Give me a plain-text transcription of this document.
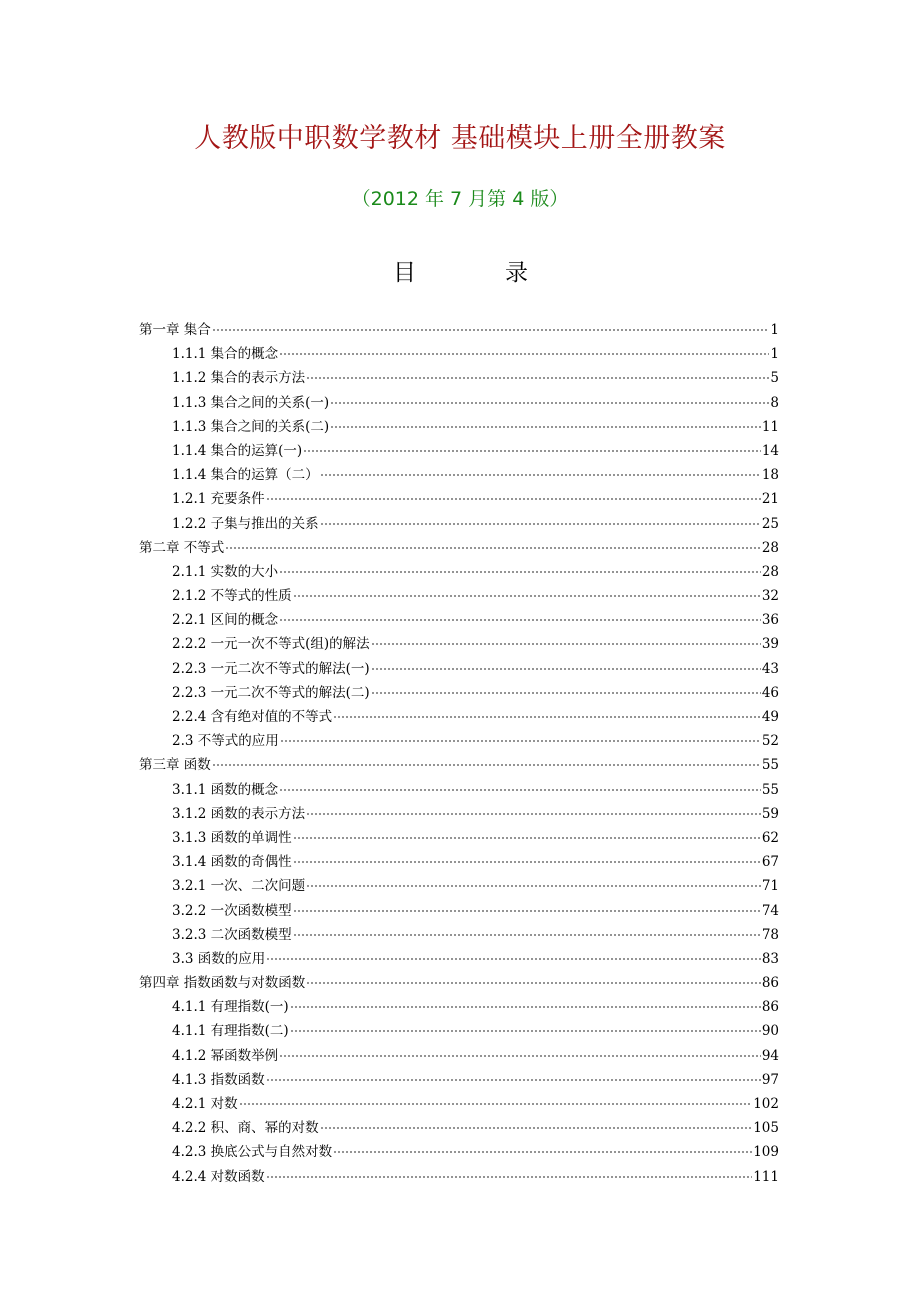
人教版中职数学教材 基础模块上册全册教案
（2012 年 7 月第 4 版）
目	录
第一章 集合	1
1.1.1 集合的概念	1
1.1.2 集合的表示方法	5
1.1.3 集合之间的关系(一)	8
1.1.3 集合之间的关系(二)	11
1.1.4 集合的运算(一)	14
1.1.4 集合的运算（二）	18
1.2.1 充要条件	21
1.2.2 子集与推出的关系	25
第二章 不等式	28
2.1.1 实数的大小	28
2.1.2 不等式的性质	32
2.2.1 区间的概念	36
2.2.2 一元一次不等式(组)的解法	39
2.2.3 一元二次不等式的解法(一)	43
2.2.3 一元二次不等式的解法(二)	46
2.2.4 含有绝对值的不等式	49
2.3 不等式的应用	52
第三章 函数	55
3.1.1 函数的概念	55
3.1.2 函数的表示方法	59
3.1.3 函数的单调性	62
3.1.4 函数的奇偶性	67
3.2.1 一次、二次问题	71
3.2.2 一次函数模型	74
3.2.3 二次函数模型	78
3.3 函数的应用	83
第四章 指数函数与对数函数	86
4.1.1 有理指数(一)	86
4.1.1 有理指数(二)	90
4.1.2 幂函数举例	94
4.1.3 指数函数	97
4.2.1 对数	102
4.2.2 积、商、幂的对数	105
4.2.3 换底公式与自然对数	109
4.2.4 对数函数	111
